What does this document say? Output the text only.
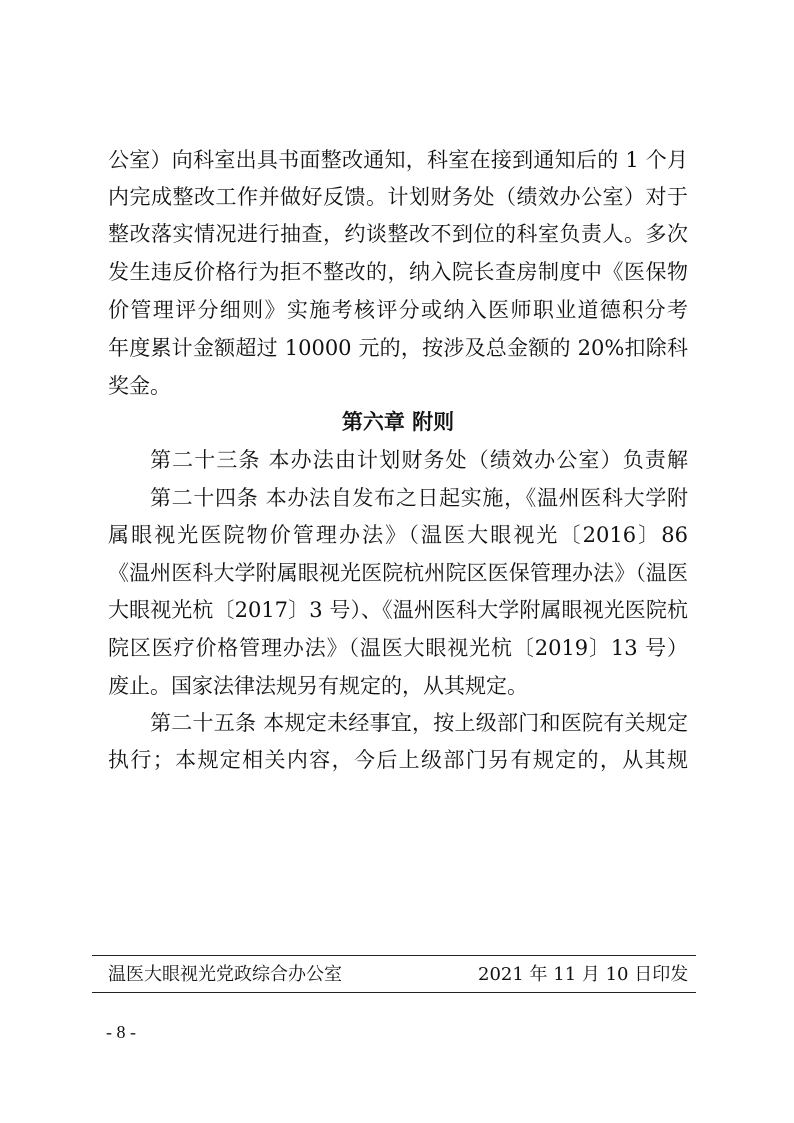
公室）向科室出具书面整改通知，科室在接到通知后的 1 个月
内完成整改工作并做好反馈。计划财务处（绩效办公室）对于
整改落实情况进行抽查，约谈整改不到位的科室负责人。多次
发生违反价格行为拒不整改的，纳入院长查房制度中《医保物
价管理评分细则》实施考核评分或纳入医师职业道德积分考
年度累计金额超过 10000 元的，按涉及总金额的 20%扣除科
奖金。
第六章 附则
第二十三条 本办法由计划财务处（绩效办公室）负责解
第二十四条 本办法自发布之日起实施，《温州医科大学附
属眼视光医院物价管理办法》（温医大眼视光〔2016〕86
《温州医科大学附属眼视光医院杭州院区医保管理办法》（温医
大眼视光杭〔2017〕3 号）、《温州医科大学附属眼视光医院杭
院区医疗价格管理办法》（温医大眼视光杭〔2019〕13 号）
废止。国家法律法规另有规定的，从其规定。
第二十五条 本规定未经事宜，按上级部门和医院有关规定
执行；本规定相关内容，今后上级部门另有规定的，从其规
温医大眼视光党政综合办公室	2021 年 11 月 10 日印发
- 8 -
